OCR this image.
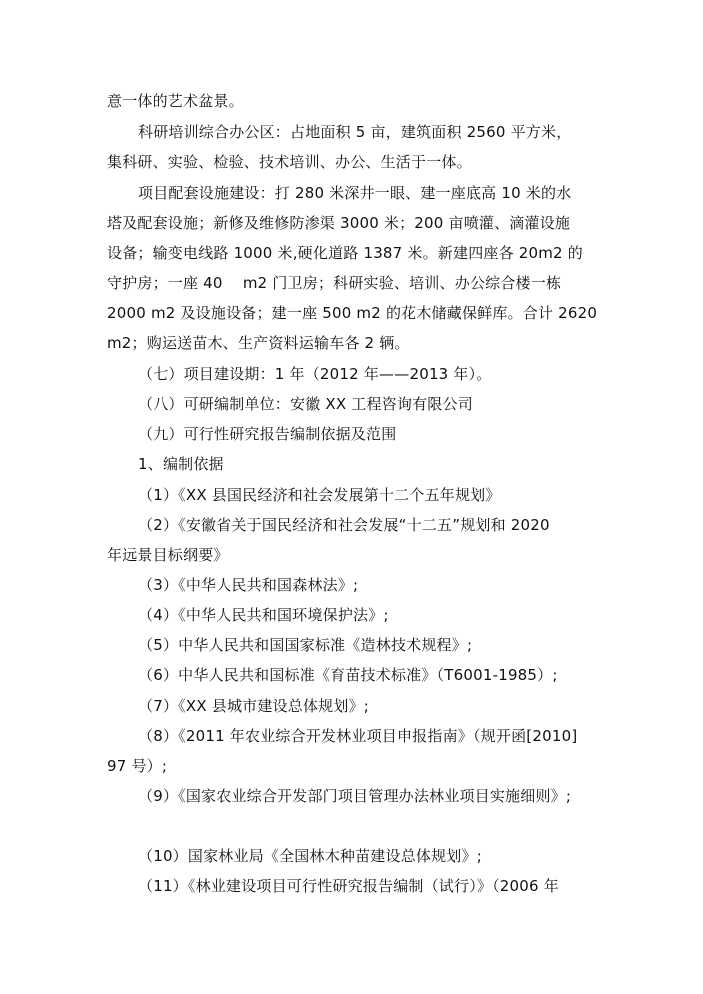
意一体的艺术盆景。
科研培训综合办公区：占地面积 5 亩，建筑面积 2560 平方米，
集科研、实验、检验、技术培训、办公、生活于一体。
项目配套设施建设：打 280 米深井一眼、建一座底高 10 米的水
塔及配套设施；新修及维修防渗渠 3000 米；200 亩喷灌、滴灌设施
设备；输变电线路 1000 米,硬化道路 1387 米。新建四座各 20m2 的
守护房；一座 40　 m2 门卫房；科研实验、培训、办公综合楼一栋
2000 m2 及设施设备；建一座 500 m2 的花木储藏保鲜库。合计 2620
m2；购运送苗木、生产资料运输车各 2 辆。
（七）项目建设期：1 年（2012 年——2013 年）。
（八）可研编制单位：安徽 XX 工程咨询有限公司
（九）可行性研究报告编制依据及范围
1、编制依据
（1）《XX 县国民经济和社会发展第十二个五年规划》
（2）《安徽省关于国民经济和社会发展“十二五”规划和 2020
年远景目标纲要》
（3）《中华人民共和国森林法》;
（4）《中华人民共和国环境保护法》;
（5）中华人民共和国国家标准《造林技术规程》;
（6）中华人民共和国标准《育苗技术标准》（T6001-1985）;
（7）《XX 县城市建设总体规划》;
（8）《2011 年农业综合开发林业项目申报指南》（规开函[2010]
97 号）;
（9）《国家农业综合开发部门项目管理办法林业项目实施细则》;
（10）国家林业局《全国林木种苗建设总体规划》;
（11）《林业建设项目可行性研究报告编制（试行）》（2006 年
